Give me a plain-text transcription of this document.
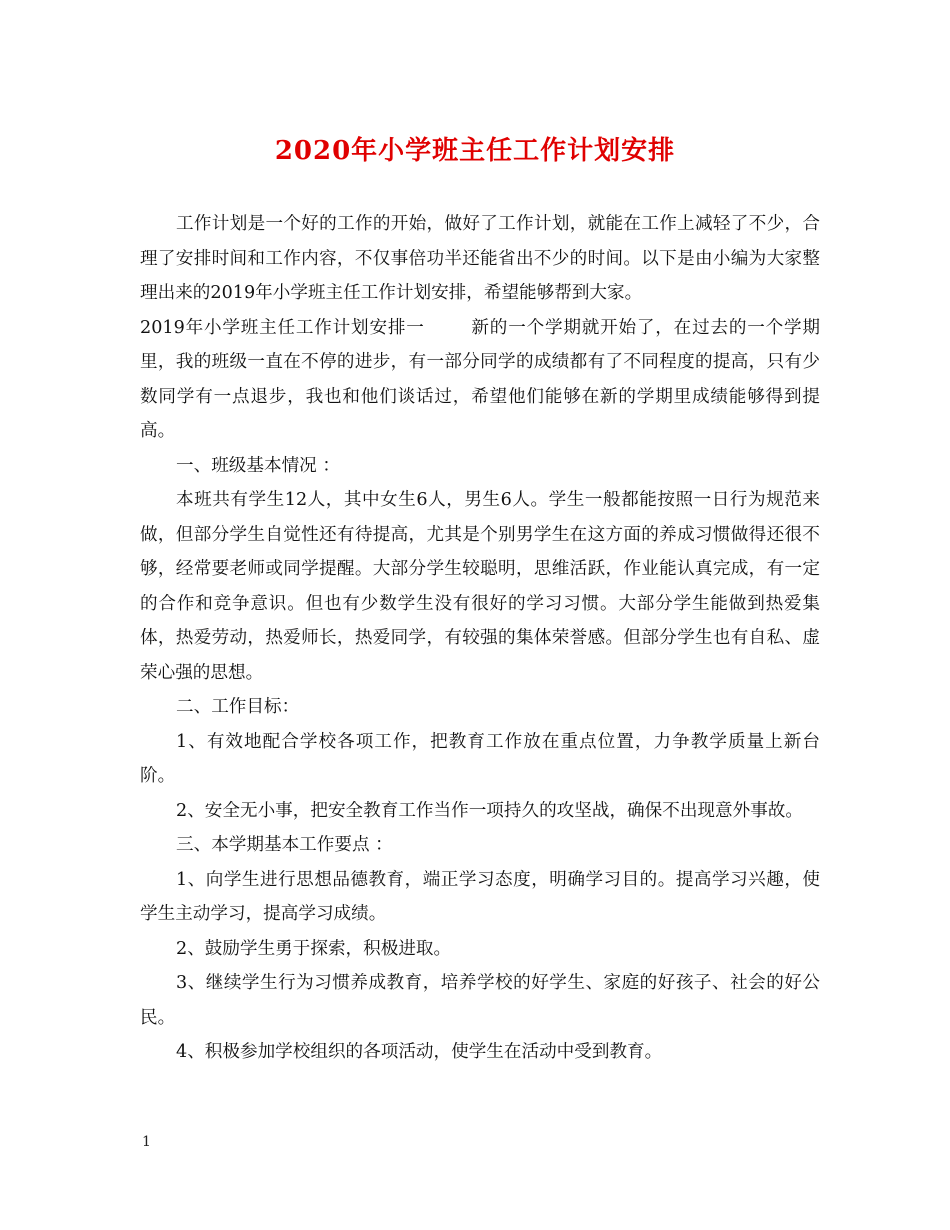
2020年小学班主任工作计划安排

工作计划是一个好的工作的开始，做好了工作计划，就能在工作上减轻了不少，合理了安排时间和工作内容，不仅事倍功半还能省出不少的时间。以下是由小编为大家整理出来的2019年小学班主任工作计划安排，希望能够帮到大家。

2019年小学班主任工作计划安排一	新的一个学期就开始了，在过去的一个学期里，我的班级一直在不停的进步，有一部分同学的成绩都有了不同程度的提高，只有少数同学有一点退步，我也和他们谈话过，希望他们能够在新的学期里成绩能够得到提高。

一、班级基本情况 ：

本班共有学生12人，其中女生6人，男生6人。学生一般都能按照一日行为规范来做，但部分学生自觉性还有待提高，尤其是个别男学生在这方面的养成习惯做得还很不够，经常要老师或同学提醒。大部分学生较聪明，思维活跃，作业能认真完成，有一定的合作和竞争意识。但也有少数学生没有很好的学习习惯。大部分学生能做到热爱集体，热爱劳动，热爱师长，热爱同学，有较强的集体荣誉感。但部分学生也有自私、虚荣心强的思想。

二、工作目标：

1、有效地配合学校各项工作，把教育工作放在重点位置，力争教学质量上新台阶。

2、安全无小事，把安全教育工作当作一项持久的攻坚战，确保不出现意外事故。

三、本学期基本工作要点 ：

1、向学生进行思想品德教育，端正学习态度，明确学习目的。提高学习兴趣，使学生主动学习，提高学习成绩。

2、鼓励学生勇于探索，积极进取。

3、继续学生行为习惯养成教育，培养学校的好学生、家庭的好孩子、社会的好公民。

4、积极参加学校组织的各项活动，使学生在活动中受到教育。

1
